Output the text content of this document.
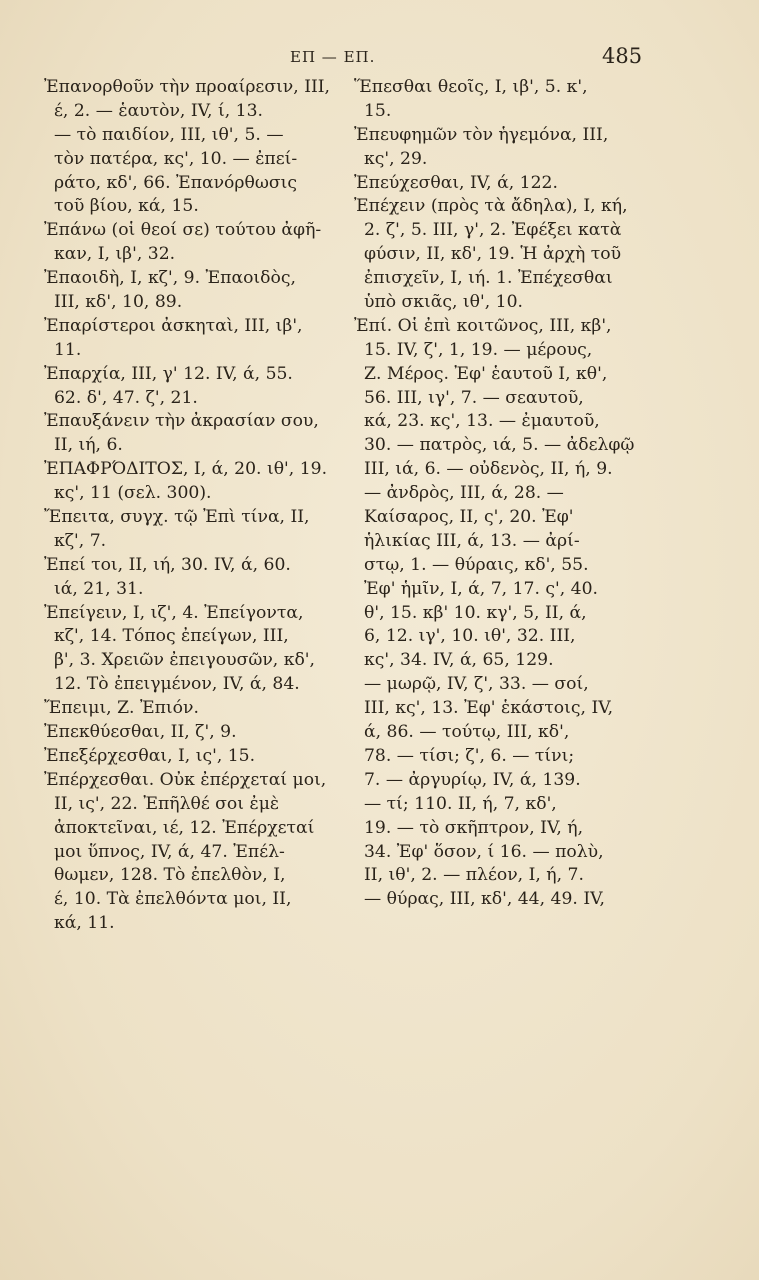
ΕΠ — ΕΠ.	485
Ἐπανορθοῦν τὴν προαίρεσιν, III,
έ, 2. — ἑαυτὸν, IV, ί, 13.
— τὸ παιδίον, III, ιθ', 5. —
τὸν πατέρα, κς', 10. — ἐπεί-
ράτο, κδ', 66. Ἐπανόρθωσις
τοῦ βίου, κά, 15.
Ἐπάνω (οἱ θεοί σε) τούτου ἀφῆ-
καν, I, ιβ', 32.
Ἐπαοιδὴ, I, κζ', 9. Ἐπαοιδὸς,
III, κδ', 10, 89.
Ἐπαρίστεροι ἀσκηταὶ, III, ιβ',
11.
Ἐπαρχία, III, γ' 12. IV, ά, 55.
62. δ', 47. ζ', 21.
Ἐπαυξάνειν τὴν ἀκρασίαν σου,
II, ιή, 6.
ἘΠΑΦΡΌΔΙΤΟΣ, I, ά, 20. ιθ', 19.
κς', 11 (σελ. 300).
Ἔπειτα, συγχ. τῷ Ἐπὶ τίνα, II,
κζ', 7.
Ἐπεί τοι, II, ιή, 30. IV, ά, 60.
ιά, 21, 31.
Ἐπείγειν, I, ιζ', 4. Ἐπείγοντα,
κζ', 14. Τόπος ἐπείγων, III,
β', 3. Χρειῶν ἐπειγουσῶν, κδ',
12. Τὸ ἐπειγμένον, IV, ά, 84.
Ἔπειμι, Ζ. Ἐπιόν.
Ἐπεκθύεσθαι, II, ζ', 9.
Ἐπεξέρχεσθαι, I, ις', 15.
Ἐπέρχεσθαι. Οὐκ ἐπέρχεταί μοι,
II, ις', 22. Ἐπῆλθέ σοι ἐμὲ
ἀποκτεῖναι, ιέ, 12. Ἐπέρχεταί
μοι ὕπνος, IV, ά, 47. Ἐπέλ-
θωμεν, 128. Τὸ ἐπελθὸν, I,
έ, 10. Τὰ ἐπελθόντα μοι, II,
κά, 11.
Ἕπεσθαι θεοῖς, I, ιβ', 5. κ',
15.
Ἐπευφημῶν τὸν ἡγεμόνα, III,
κς', 29.
Ἐπεύχεσθαι, IV, ά, 122.
Ἐπέχειν (πρὸς τὰ ἄδηλα), I, κή,
2. ζ', 5. III, γ', 2. Ἐφέξει κατὰ
φύσιν, II, κδ', 19. Ἡ ἀρχὴ τοῦ
ἐπισχεῖν, I, ιή. 1. Ἐπέχεσθαι
ὑπὸ σκιᾶς, ιθ', 10.
Ἐπί. Οἱ ἐπὶ κοιτῶνος, III, κβ',
15. IV, ζ', 1, 19. — μέρους,
Ζ. Μέρος. Ἐφ' ἑαυτοῦ I, κθ',
56. III, ιγ', 7. — σεαυτοῦ,
κά, 23. κς', 13. — ἐμαυτοῦ,
30. — πατρὸς, ιά, 5. — ἀδελφῷ
III, ιά, 6. — οὐδενὸς, II, ή, 9.
— ἀνδρὸς, III, ά, 28. —
Καίσαρος, II, ς', 20. Ἐφ'
ἡλικίας III, ά, 13. — ἀρί-
στῳ, 1. — θύραις, κδ', 55.
Ἐφ' ἡμῖν, I, ά, 7, 17. ς', 40.
θ', 15. κβ' 10. κγ', 5, II, ά,
6, 12. ιγ', 10. ιθ', 32. III,
κς', 34. IV, ά, 65, 129.
— μωρῷ, IV, ζ', 33. — σοί,
III, κς', 13. Ἐφ' ἑκάστοις, IV,
ά, 86. — τούτῳ, III, κδ',
78. — τίσι; ζ', 6. — τίνι;
7. — ἀργυρίῳ, IV, ά, 139.
— τί; 110. II, ή, 7, κδ',
19. — τὸ σκῆπτρον, IV, ή,
34. Ἐφ' ὅσον, ί 16. — πολὺ,
II, ιθ', 2. — πλέον, I, ή, 7.
— θύρας, III, κδ', 44, 49. IV,
